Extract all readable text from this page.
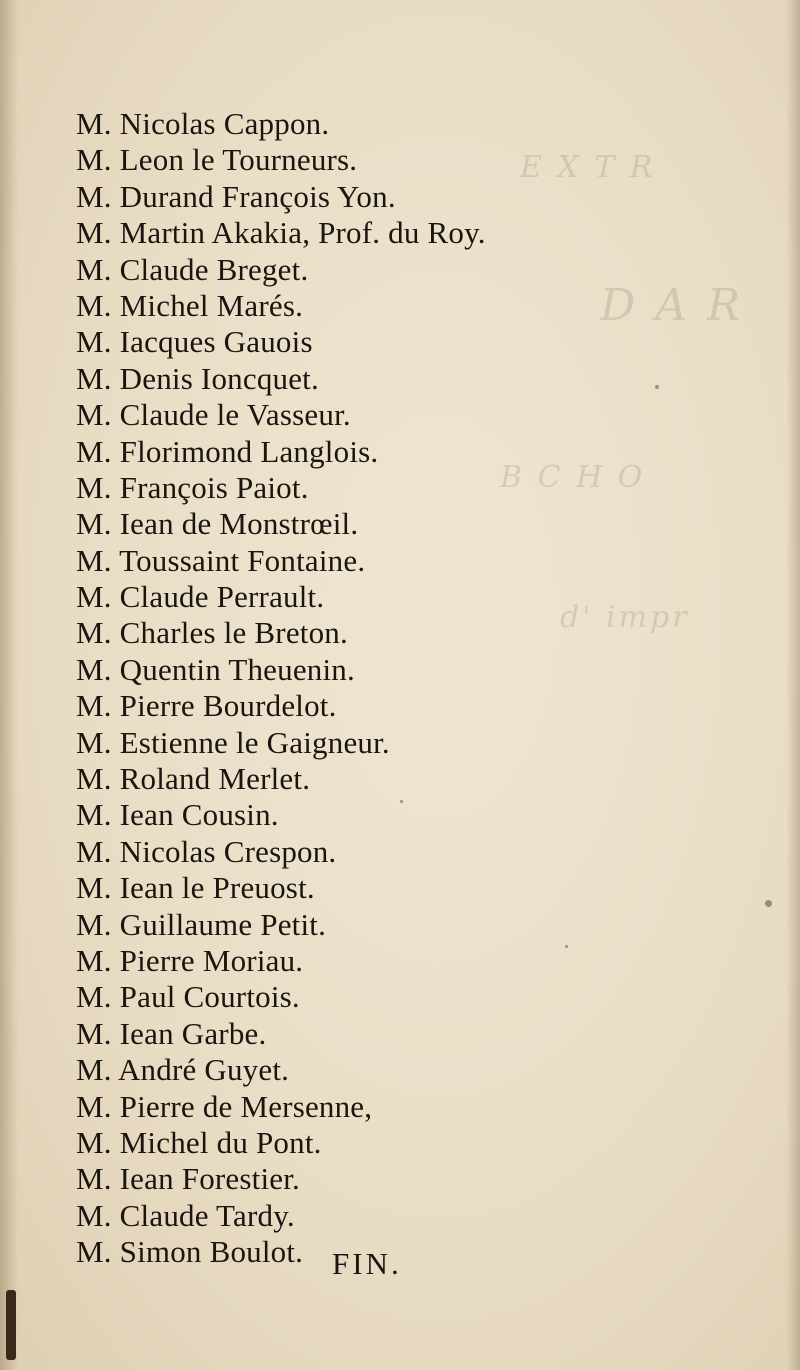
E X T R
D A R
B C H O
d' impr
M. Nicolas Cappon.
M. Leon le Tourneurs.
M. Durand François Yon.
M. Martin Akakia, Prof. du Roy.
M. Claude Breget.
M. Michel Marés.
M. Iacques Gauois
M. Denis Ioncquet.
M. Claude le Vasseur.
M. Florimond Langlois.
M. François Paiot.
M. Iean de Monstrœil.
M. Toussaint Fontaine.
M. Claude Perrault.
M. Charles le Breton.
M. Quentin Theuenin.
M. Pierre Bourdelot.
M. Estienne le Gaigneur.
M. Roland Merlet.
M. Iean Cousin.
M. Nicolas Crespon.
M. Iean le Preuost.
M. Guillaume Petit.
M. Pierre Moriau.
M. Paul Courtois.
M. Iean Garbe.
M. André Guyet.
M. Pierre de Mersenne,
M. Michel du Pont.
M. Iean Forestier.
M. Claude Tardy.
M. Simon Boulot. FIN.
